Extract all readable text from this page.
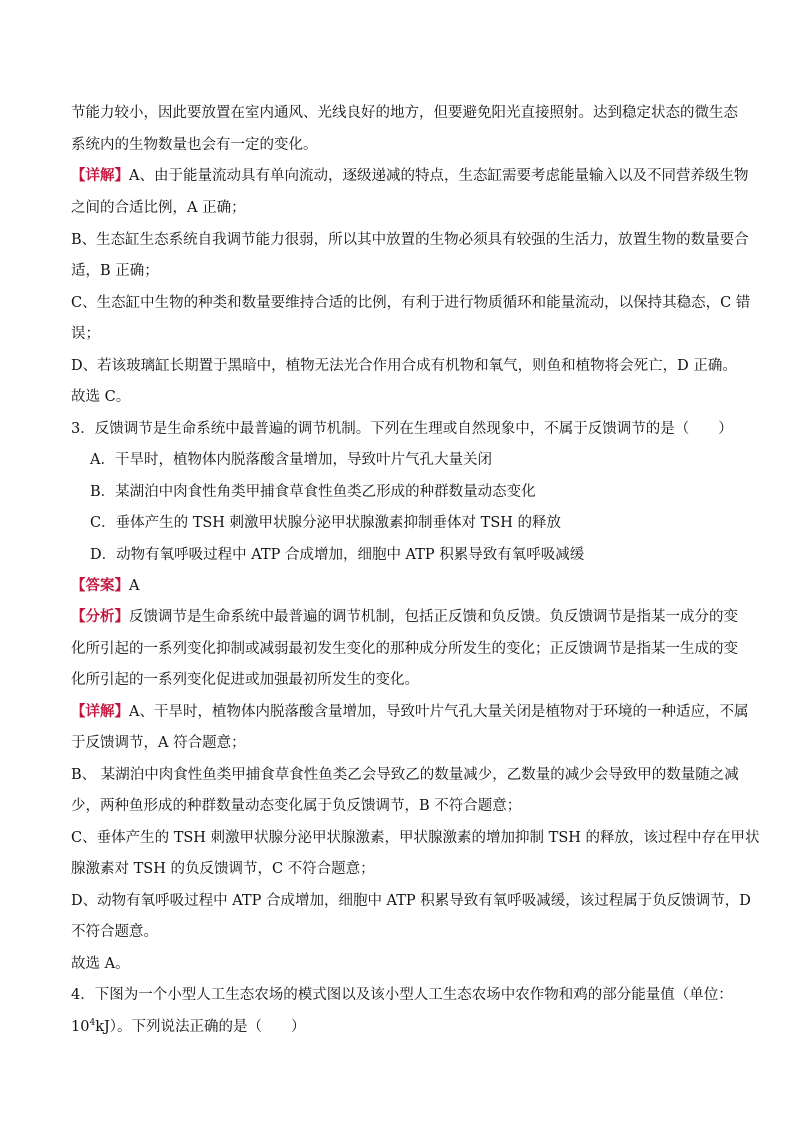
节能力较小，因此要放置在室内通风、光线良好的地方，但要避免阳光直接照射。达到稳定状态的微生态

系统内的生物数量也会有一定的变化。

【详解】A、由于能量流动具有单向流动，逐级递减的特点，生态缸需要考虑能量输入以及不同营养级生物

之间的合适比例，A 正确；

B、生态缸生态系统自我调节能力很弱，所以其中放置的生物必须具有较强的生活力，放置生物的数量要合

适，B 正确；

C、生态缸中生物的种类和数量要维持合适的比例，有利于进行物质循环和能量流动，以保持其稳态，C 错

误；

D、若该玻璃缸长期置于黑暗中，植物无法光合作用合成有机物和氧气，则鱼和植物将会死亡，D 正确。

故选 C。

3．反馈调节是生命系统中最普遍的调节机制。下列在生理或自然现象中，不属于反馈调节的是（　　）

A．干旱时，植物体内脱落酸含量增加，导致叶片气孔大量关闭

B．某湖泊中肉食性角类甲捕食草食性鱼类乙形成的种群数量动态变化

C．垂体产生的 TSH 刺激甲状腺分泌甲状腺激素抑制垂体对 TSH 的释放

D．动物有氧呼吸过程中 ATP 合成增加，细胞中 ATP 积累导致有氧呼吸减缓

【答案】A

【分析】反馈调节是生命系统中最普遍的调节机制，包括正反馈和负反馈。负反馈调节是指某一成分的变

化所引起的一系列变化抑制或减弱最初发生变化的那种成分所发生的变化；正反馈调节是指某一生成的变

化所引起的一系列变化促进或加强最初所发生的变化。

【详解】A、干旱时，植物体内脱落酸含量增加，导致叶片气孔大量关闭是植物对于环境的一种适应，不属

于反馈调节，A 符合题意；

B、 某湖泊中肉食性鱼类甲捕食草食性鱼类乙会导致乙的数量减少，乙数量的减少会导致甲的数量随之减

少，两种鱼形成的种群数量动态变化属于负反馈调节，B 不符合题意；

C、垂体产生的 TSH 刺激甲状腺分泌甲状腺激素，甲状腺激素的增加抑制 TSH 的释放，该过程中存在甲状

腺激素对 TSH 的负反馈调节，C 不符合题意；

D、动物有氧呼吸过程中 ATP 合成增加，细胞中 ATP 积累导致有氧呼吸减缓，该过程属于负反馈调节，D

不符合题意。

故选 A。

4．下图为一个小型人工生态农场的模式图以及该小型人工生态农场中农作物和鸡的部分能量值（单位：

$10^4kJ$）。下列说法正确的是（　　）
